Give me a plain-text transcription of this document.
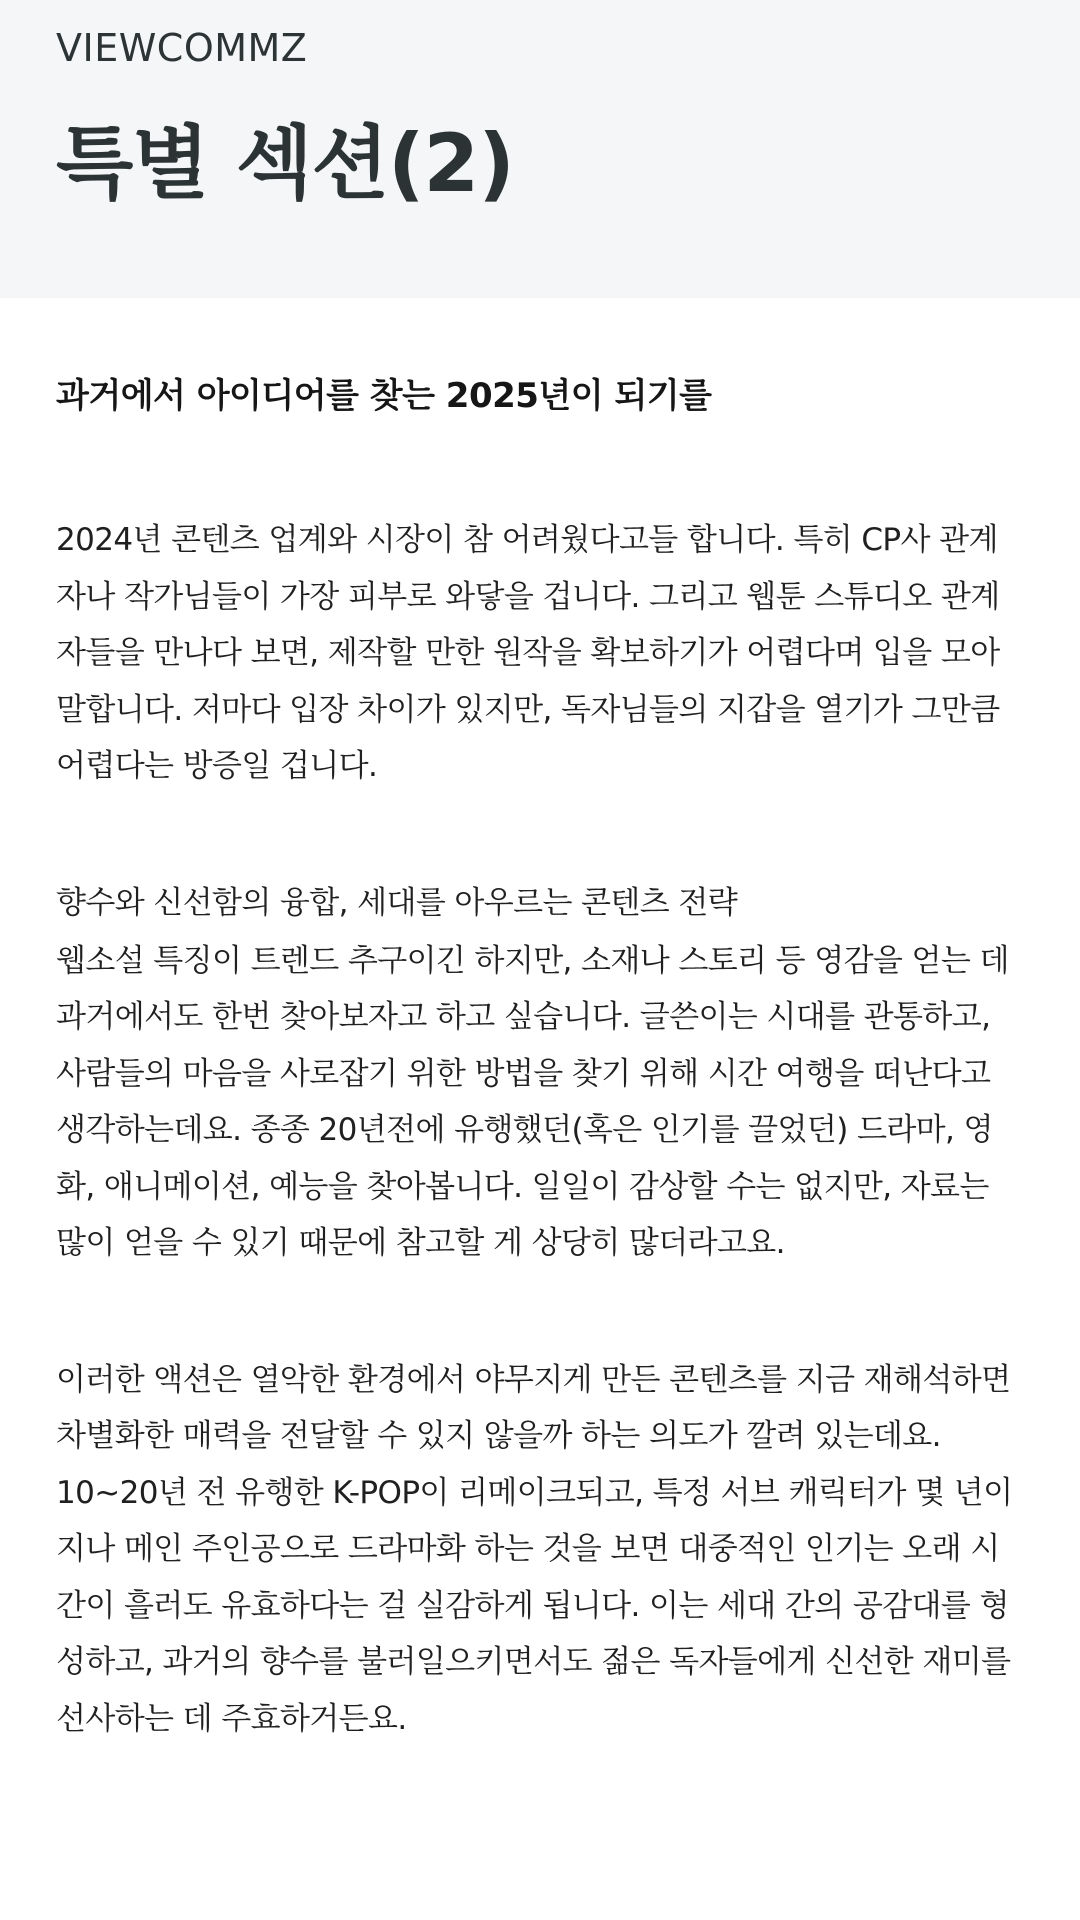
VIEWCOMMZ
특별 섹션(2)
과거에서 아이디어를 찾는 2025년이 되기를

2024년 콘텐츠 업계와 시장이 참 어려웠다고들 합니다. 특히 CP사 관계자나 작가님들이 가장 피부로 와닿을 겁니다. 그리고 웹툰 스튜디오 관계자들을 만나다 보면, 제작할 만한 원작을 확보하기가 어렵다며 입을 모아 말합니다. 저마다 입장 차이가 있지만, 독자님들의 지갑을 열기가 그만큼 어렵다는 방증일 겁니다.

향수와 신선함의 융합, 세대를 아우르는 콘텐츠 전략

웹소설 특징이 트렌드 추구이긴 하지만, 소재나 스토리 등 영감을 얻는 데 과거에서도 한번 찾아보자고 하고 싶습니다. 글쓴이는 시대를 관통하고, 사람들의 마음을 사로잡기 위한 방법을 찾기 위해 시간 여행을 떠난다고 생각하는데요. 종종 20년전에 유행했던(혹은 인기를 끌었던) 드라마, 영화, 애니메이션, 예능을 찾아봅니다. 일일이 감상할 수는 없지만, 자료는 많이 얻을 수 있기 때문에 참고할 게 상당히 많더라고요.

이러한 액션은 열악한 환경에서 야무지게 만든 콘텐츠를 지금 재해석하면 차별화한 매력을 전달할 수 있지 않을까 하는 의도가 깔려 있는데요. 10~20년 전 유행한 K-POP이 리메이크되고, 특정 서브 캐릭터가 몇 년이 지나 메인 주인공으로 드라마화 하는 것을 보면 대중적인 인기는 오래 시간이 흘러도 유효하다는 걸 실감하게 됩니다. 이는 세대 간의 공감대를 형성하고, 과거의 향수를 불러일으키면서도 젊은 독자들에게 신선한 재미를 선사하는 데 주효하거든요.
